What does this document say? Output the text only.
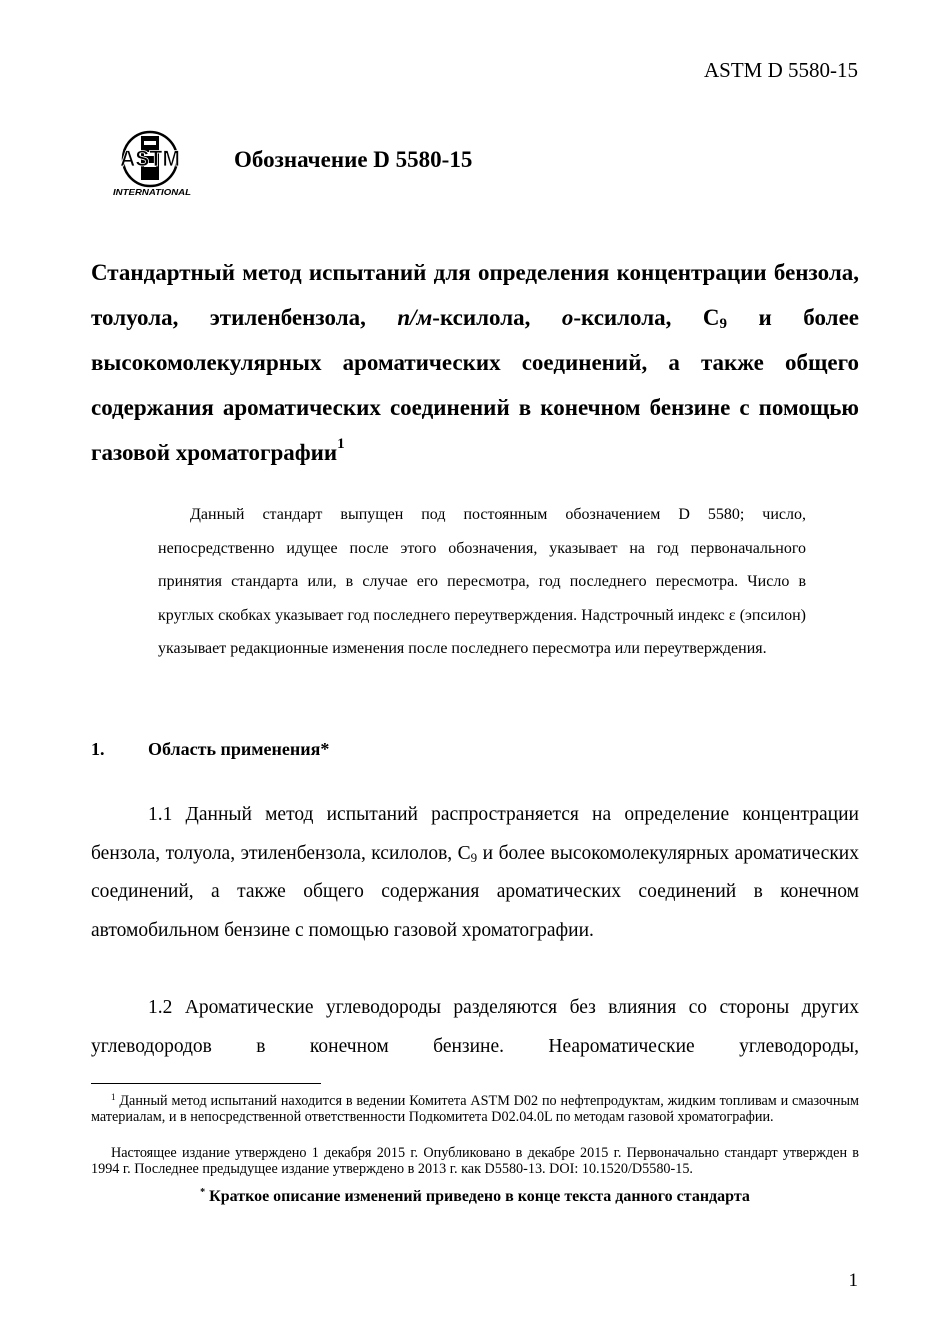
ASTM D 5580-15
ASTM
INTERNATIONAL
Обозначение D 5580-15
Стандартный метод испытаний для определения концентрации бензола, толуола, этиленбензола, п/м-ксилола, о-ксилола, $C_9$ и более высокомолекулярных ароматических соединений, а также общего содержания ароматических соединений в конечном бензине с помощью газовой хроматографии$^1$
Данный стандарт выпущен под постоянным обозначением D 5580; число, непосредственно идущее после этого обозначения, указывает на год первоначального принятия стандарта или, в случае его пересмотра, год последнего пересмотра. Число в круглых скобках указывает год последнего переутверждения. Надстрочный индекс ε (эпсилон) указывает редакционные изменения после последнего пересмотра или переутверждения.
1. Область применения*
1.1 Данный метод испытаний распространяется на определение концентрации бензола, толуола, этиленбензола, ксилолов, $C_9$ и более высокомолекулярных ароматических соединений, а также общего содержания ароматических соединений в конечном автомобильном бензине с помощью газовой хроматографии.
1.2 Ароматические углеводороды разделяются без влияния со стороны других углеводородов в конечном бензине. Неароматические углеводороды,
$^1$ Данный метод испытаний находится в ведении Комитета ASTM D02 по нефтепродуктам, жидким топливам и смазочным материалам, и в непосредственной ответственности Подкомитета D02.04.0L по методам газовой хроматографии.
Настоящее издание утверждено 1 декабря 2015 г. Опубликовано в декабре 2015 г. Первоначально стандарт утвержден в 1994 г. Последнее предыдущее издание утверждено в 2013 г. как D5580-13. DOI: 10.1520/D5580-15.
* Краткое описание изменений приведено в конце текста данного стандарта
1
